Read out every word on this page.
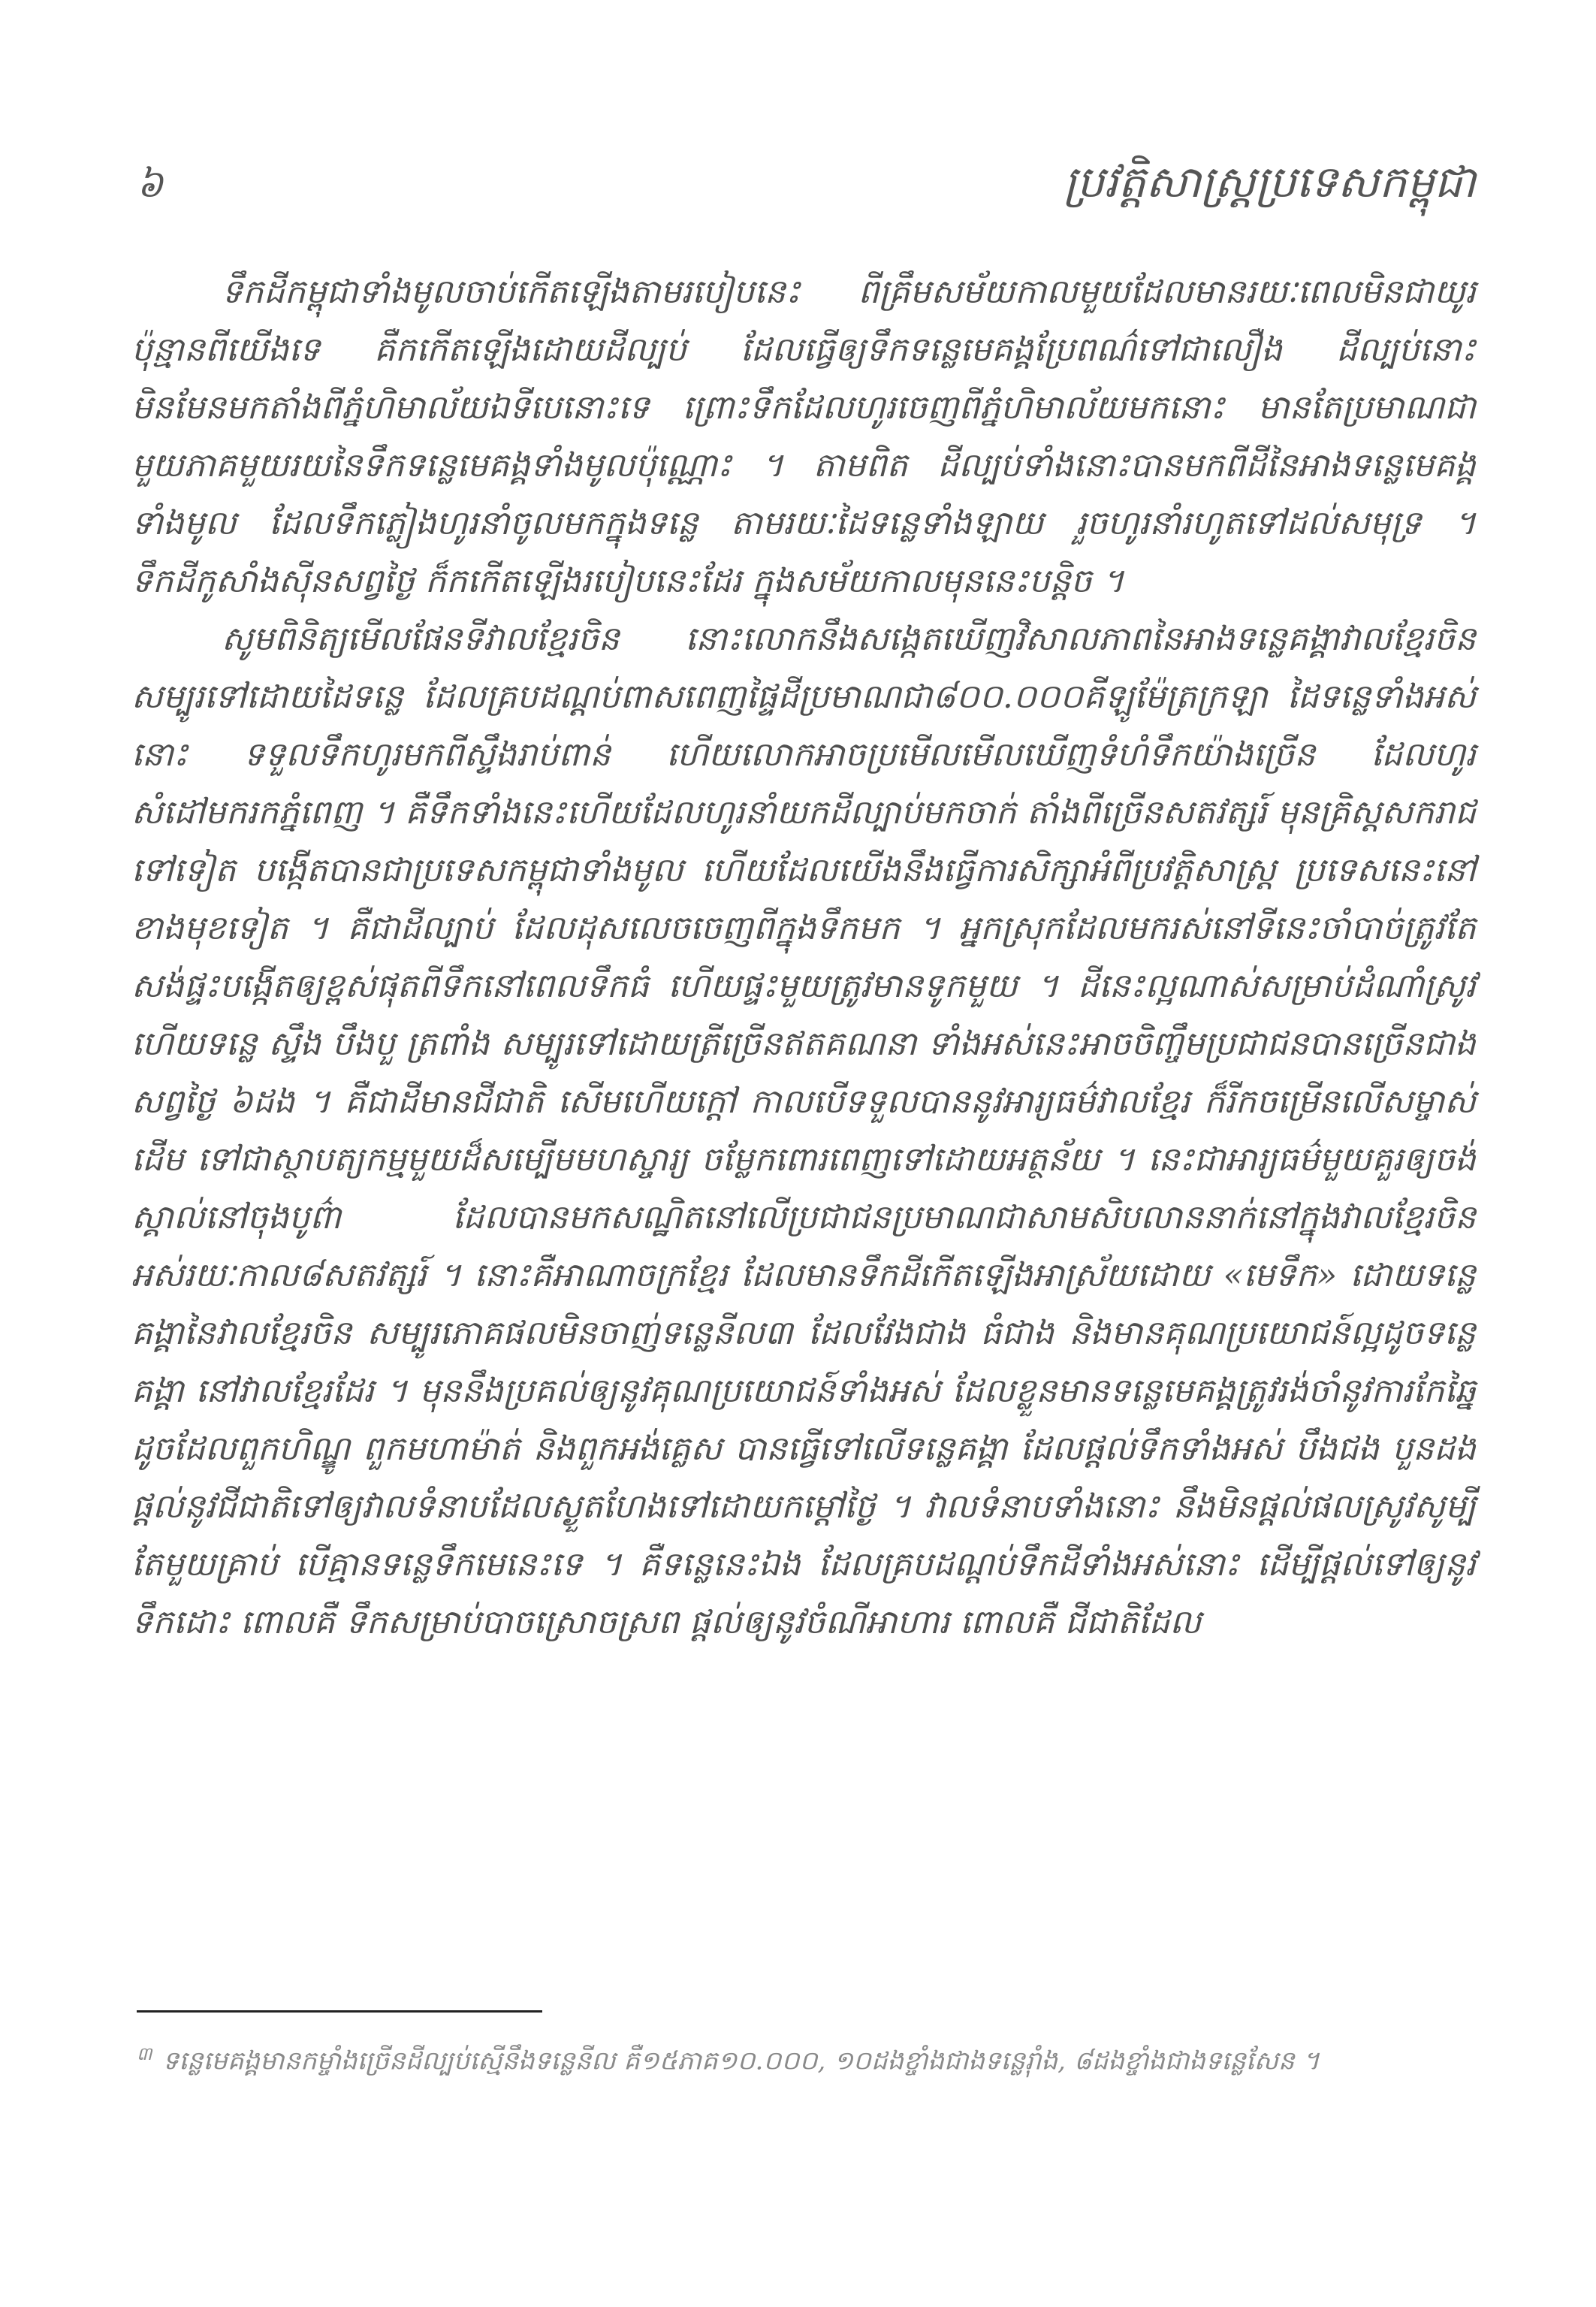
៦	ប្រវត្តិសាស្ត្រប្រទេសកម្ពុជា

ទឹកដីកម្ពុជាទាំងមូលចាប់កើតឡើងតាមរបៀបនេះ ពីគ្រឹមសម័យកាលមួយដែលមានរយៈពេលមិនជាយូរប៉ុន្មានពីយើងទេ គឺកកើតឡើងដោយដីល្បប់ ដែលធ្វើឲ្យទឹកទន្លេមេគង្គប្រែពណ៌ទៅជាលឿង ដីល្បប់នោះមិនមែនមកតាំងពីភ្នំហិមាល័យឯទីបេនោះទេ ព្រោះទឹកដែលហូរចេញពីភ្នំហិមាល័យមកនោះ មានតែប្រមាណជាមួយភាគមួយរយនៃទឹកទន្លេមេគង្គទាំងមូលប៉ុណ្ណោះ ។ តាមពិត ដីល្បប់ទាំងនោះបានមកពីដីនៃអាងទន្លេមេគង្គទាំងមូល ដែលទឹកភ្លៀងហូរនាំចូលមកក្នុងទន្លេ តាមរយៈដៃទន្លេទាំងឡាយ រួចហូរនាំរហូតទៅដល់សមុទ្រ ។ ទឹកដីកូសាំងស៊ីនសព្វថ្ងៃ ក៏កកើតឡើងរបៀបនេះដែរ ក្នុងសម័យកាលមុននេះបន្តិច ។

សូមពិនិត្យមើលផែនទីវាលខ្មែរចិន នោះលោកនឹងសង្កេតឃើញវិសាលភាពនៃអាងទន្លេគង្គាវាលខ្មែរចិន សម្បូរទៅដោយដៃទន្លេ ដែលគ្របដណ្តប់ពាសពេញផ្ទៃដីប្រមាណជា៨០០.០០០គីឡូម៉ែត្រក្រឡា ដៃទន្លេទាំងអស់នោះ ទទួលទឹកហូរមកពីស្ទឹងរាប់ពាន់ ហើយលោកអាចប្រមើលមើលឃើញទំហំទឹកយ៉ាងច្រើន ដែលហូរសំដៅមករកភ្នំពេញ ។ គឺទឹកទាំងនេះហើយដែលហូរនាំយកដីល្បាប់មកចាក់ តាំងពីច្រើនសតវត្សរ៍ មុនគ្រិស្តសករាជទៅទៀត បង្កើតបានជាប្រទេសកម្ពុជាទាំងមូល ហើយដែលយើងនឹងធ្វើការសិក្សាអំពីប្រវត្តិសាស្ត្រ ប្រទេសនេះនៅខាងមុខទៀត ។ គឺជាដីល្បាប់ ដែលដុសលេចចេញពីក្នុងទឹកមក ។ អ្នកស្រុកដែលមករស់នៅទីនេះចាំបាច់ត្រូវតែសង់ផ្ទះបង្កើតឲ្យខ្ពស់ផុតពីទឹកនៅពេលទឹកធំ ហើយផ្ទះមួយត្រូវមានទូកមួយ ។ ដីនេះល្អណាស់សម្រាប់ដំណាំស្រូវ ហើយទន្លេ ស្ទឹង បឹងបួ ត្រពាំង សម្បូរទៅដោយត្រីច្រើនឥតគណនា ទាំងអស់នេះអាចចិញ្ចឹមប្រជាជនបានច្រើនជាងសព្វថ្ងៃ ៦ដង ។ គឺជាដីមានជីជាតិ សើមហើយក្តៅ កាលបើទទួលបាននូវអារ្យធម៌វាលខ្មែរ ក៏រីកចម្រើនលើសម្ចាស់ដើម ទៅជាស្ថាបត្យកម្មមួយដ៏សម្បើមមហស្ចារ្យ ចម្លែកពោរពេញទៅដោយអត្ថន័យ ។ នេះជាអារ្យធម៌មួយគួរឲ្យចង់ស្គាល់នៅចុងបូព៌ា ដែលបានមកសណ្ឋិតនៅលើប្រជាជនប្រមាណជាសាមសិបលាននាក់នៅក្នុងវាលខ្មែរចិនអស់រយៈកាល៨សតវត្សរ៍ ។ នោះគឺអាណាចក្រខ្មែរ ដែលមានទឹកដីកើតឡើងអាស្រ័យដោយ «មេទឹក» ដោយទន្លេ គង្គានៃវាលខ្មែរចិន សម្បូរភោគផលមិនចាញ់ទន្លេនីល៣ ដែលវែងជាង ធំជាង និងមានគុណប្រយោជន៍ល្អដូចទន្លេគង្គា នៅវាលខ្មែរដែរ ។ មុននឹងប្រគល់ឲ្យនូវគុណប្រយោជន៍ទាំងអស់ ដែលខ្លួនមានទន្លេមេគង្គត្រូវរង់ចាំនូវការកែឆ្នៃ ដូចដែលពួកហិណ្ឌូ ពួកមហាម៉ាត់ និងពួកអង់គ្លេស បានធ្វើទៅលើទន្លេគង្គា ដែលផ្តល់ទឹកទាំងអស់ បឹងជង បួនដង ផ្តល់នូវជីជាតិទៅឲ្យវាលទំនាបដែលស្ងួតហែងទៅដោយកម្តៅថ្ងៃ ។ វាលទំនាបទាំងនោះ នឹងមិនផ្តល់ផលស្រូវសូម្បីតែមួយគ្រាប់ បើគ្មានទន្លេទឹកមេនេះទេ ។ គឺទន្លេនេះឯង ដែលគ្របដណ្តប់ទឹកដីទាំងអស់នោះ ដើម្បីផ្តល់ទៅឲ្យនូវទឹកដោះ ពោលគឺ ទឹកសម្រាប់បាចស្រោចស្រព ផ្តល់ឲ្យនូវចំណីអាហារ ពោលគឺ ជីជាតិដែល

$^៣$ ទន្លេមេគង្គមានកម្ចាំងច្រើនដីល្បប់ស្មើនឹងទន្លេនីល គឺ១៥ភាគ១០.០០០, ១០ដងខ្ចាំងជាងទន្លេរ៉ាំង, ៨ដងខ្ចាំងជាងទន្លេសែន ។
